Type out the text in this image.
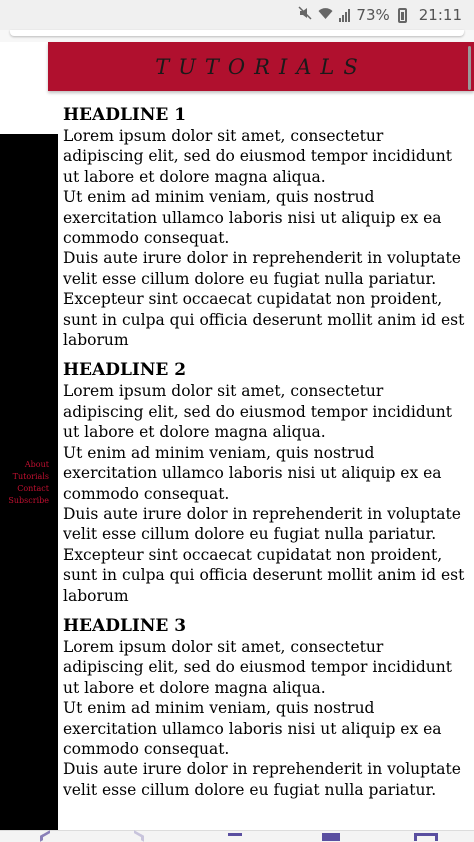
73% 21:11
TUTORIALS
About
Tutorials
Contact
Subscribe
HEADLINE 1

Lorem ipsum dolor sit amet, consectetur adipiscing elit, sed do eiusmod tempor incididunt ut labore et dolore magna aliqua.

Ut enim ad minim veniam, quis nostrud exercitation ullamco laboris nisi ut aliquip ex ea commodo consequat.

Duis aute irure dolor in reprehenderit in voluptate velit esse cillum dolore eu fugiat nulla pariatur.

Excepteur sint occaecat cupidatat non proident, sunt in culpa qui officia deserunt mollit anim id est laborum

HEADLINE 2

Lorem ipsum dolor sit amet, consectetur adipiscing elit, sed do eiusmod tempor incididunt ut labore et dolore magna aliqua.

Ut enim ad minim veniam, quis nostrud exercitation ullamco laboris nisi ut aliquip ex ea commodo consequat.

Duis aute irure dolor in reprehenderit in voluptate velit esse cillum dolore eu fugiat nulla pariatur.

Excepteur sint occaecat cupidatat non proident, sunt in culpa qui officia deserunt mollit anim id est laborum

HEADLINE 3

Lorem ipsum dolor sit amet, consectetur adipiscing elit, sed do eiusmod tempor incididunt ut labore et dolore magna aliqua.

Ut enim ad minim veniam, quis nostrud exercitation ullamco laboris nisi ut aliquip ex ea commodo consequat.

Duis aute irure dolor in reprehenderit in voluptate velit esse cillum dolore eu fugiat nulla pariatur.
